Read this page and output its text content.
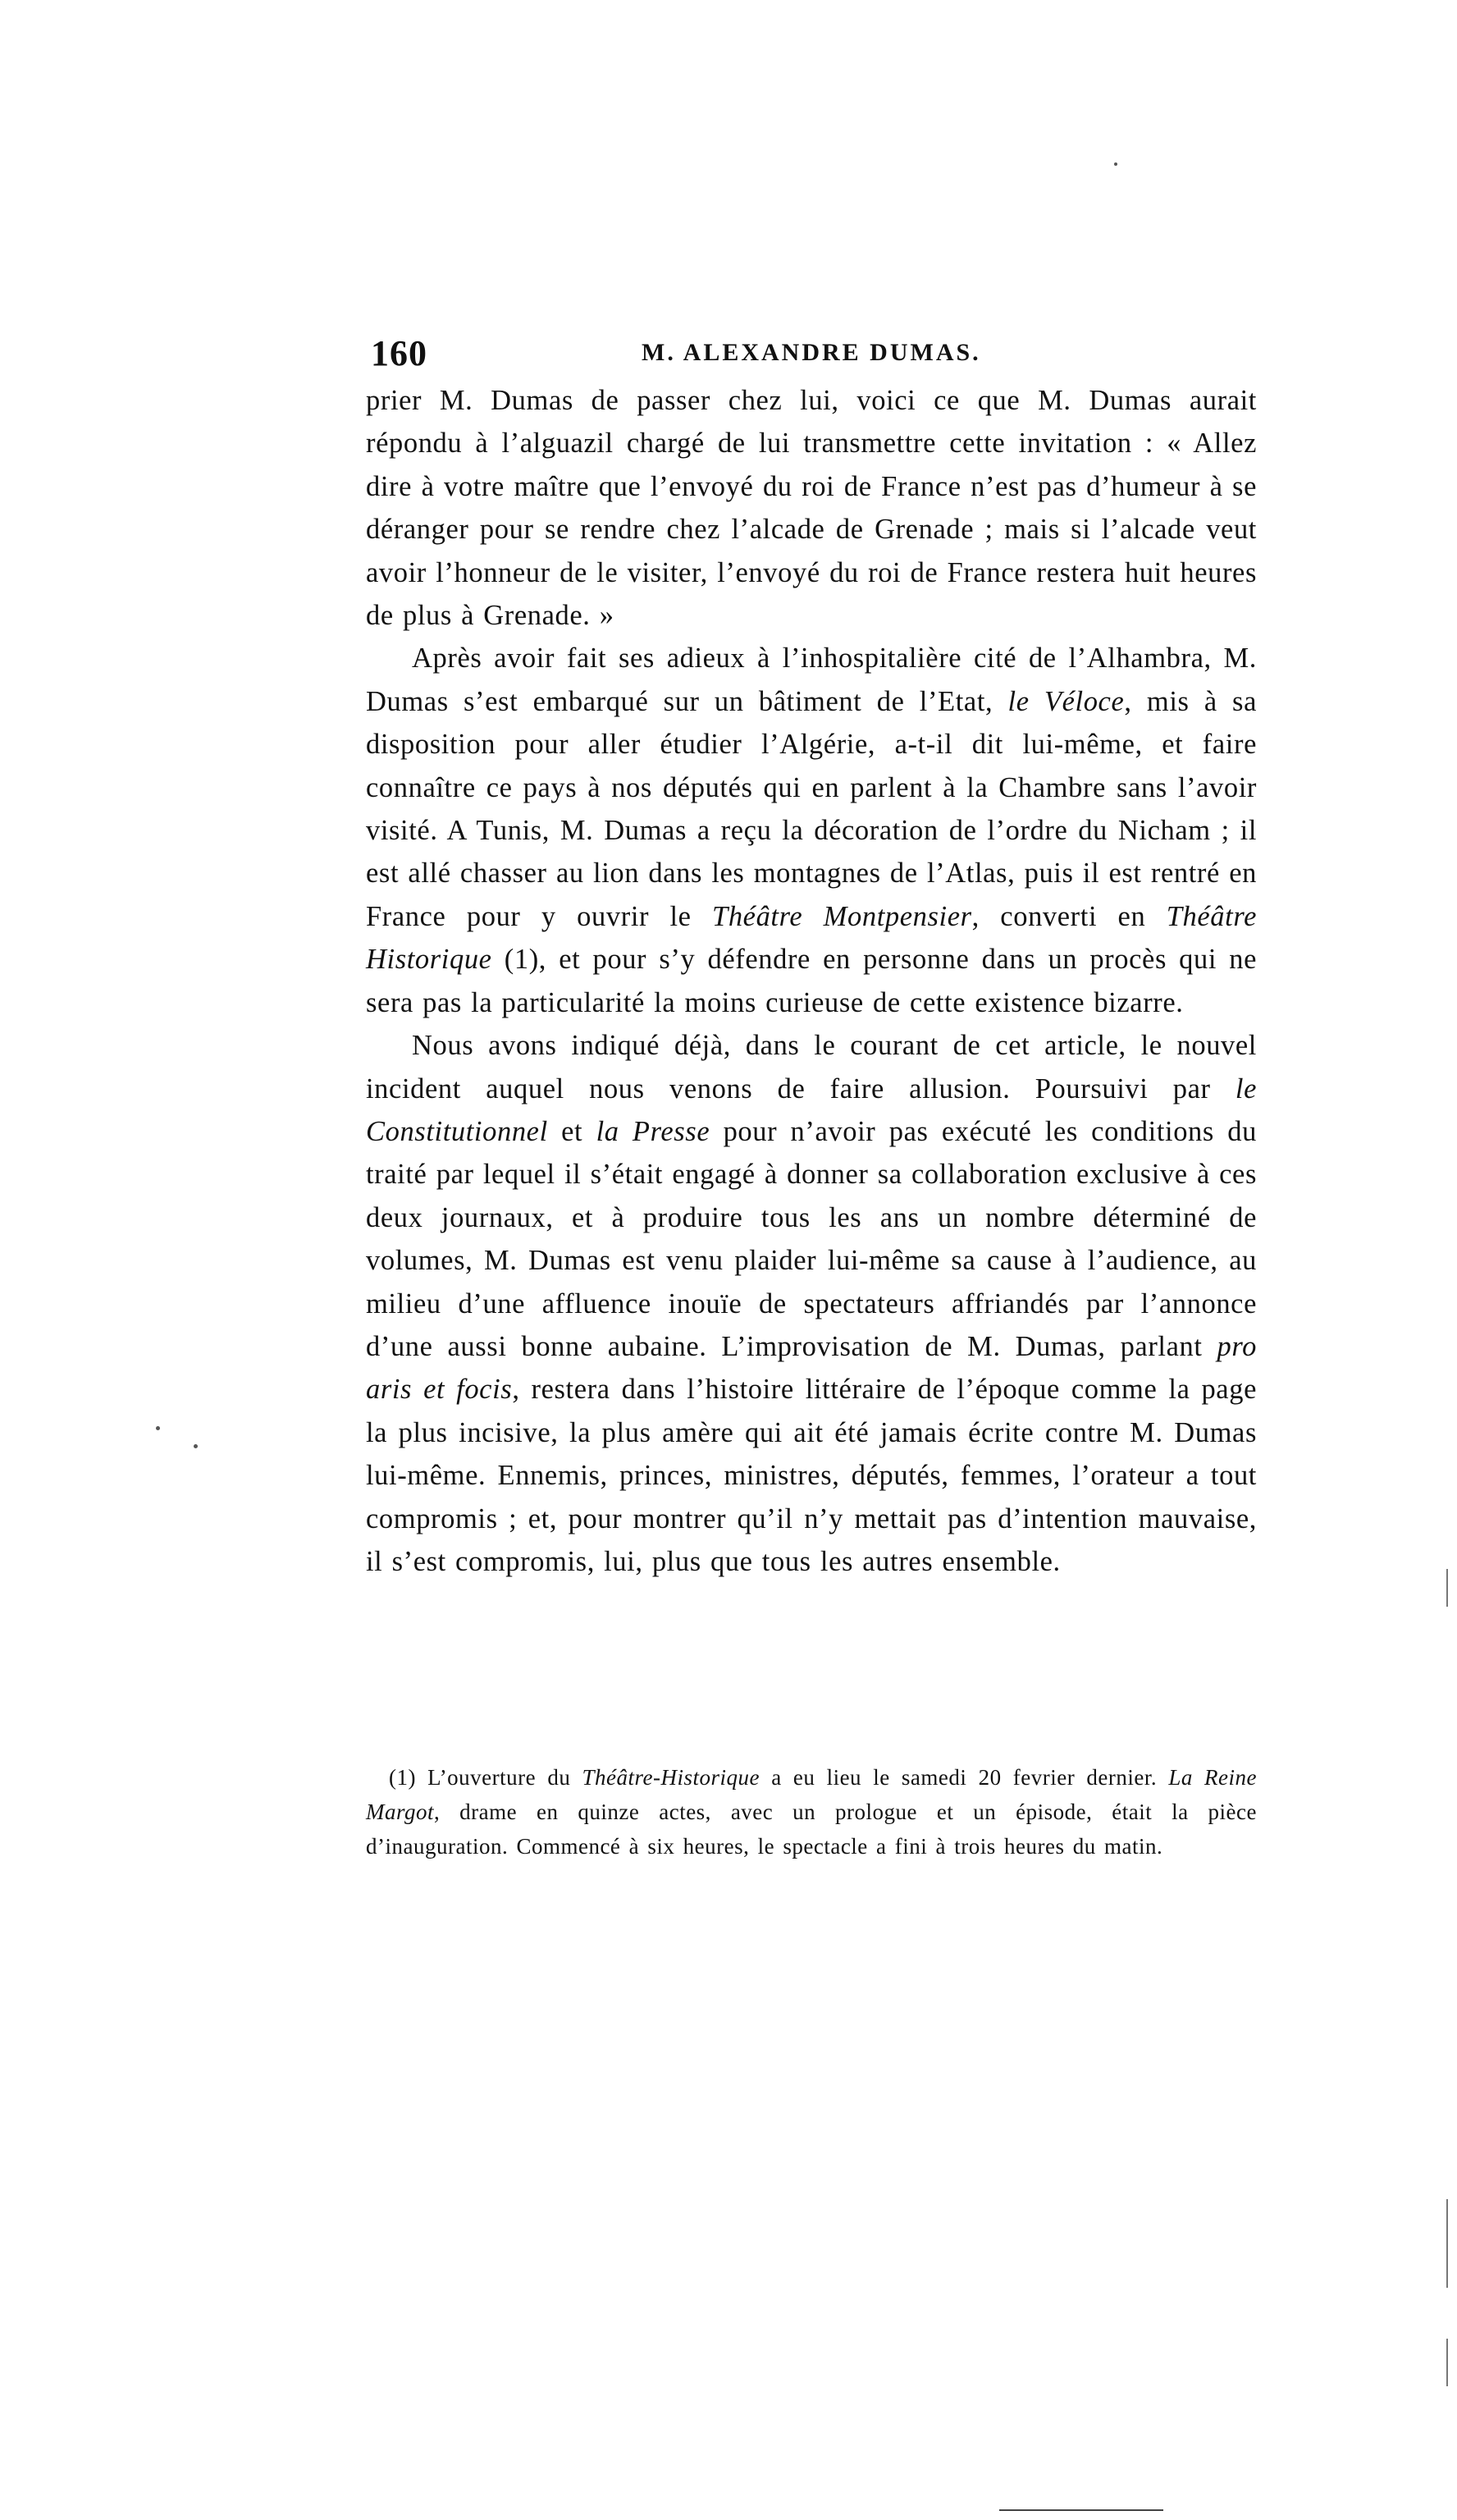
160	M. ALEXANDRE DUMAS.

prier M. Dumas de passer chez lui, voici ce que M. Dumas aurait répondu à l’alguazil chargé de lui transmettre cette invitation : « Allez dire à votre maître que l’envoyé du roi de France n’est pas d’humeur à se déranger pour se rendre chez l’alcade de Grenade ; mais si l’alcade veut avoir l’honneur de le visiter, l’envoyé du roi de France restera huit heures de plus à Grenade. »

Après avoir fait ses adieux à l’inhospitalière cité de l’Alhambra, M. Dumas s’est embarqué sur un bâtiment de l’Etat, le Véloce, mis à sa disposition pour aller étudier l’Algérie, a-t-il dit lui-même, et faire connaître ce pays à nos députés qui en parlent à la Chambre sans l’avoir visité. A Tunis, M. Dumas a reçu la décoration de l’ordre du Nicham ; il est allé chasser au lion dans les montagnes de l’Atlas, puis il est rentré en France pour y ouvrir le Théâtre Montpensier, converti en Théâtre Historique (1), et pour s’y défendre en personne dans un procès qui ne sera pas la particularité la moins curieuse de cette existence bizarre.

Nous avons indiqué déjà, dans le courant de cet article, le nouvel incident auquel nous venons de faire allusion. Poursuivi par le Constitutionnel et la Presse pour n’avoir pas exécuté les conditions du traité par lequel il s’était engagé à donner sa collaboration exclusive à ces deux journaux, et à produire tous les ans un nombre déterminé de volumes, M. Dumas est venu plaider lui-même sa cause à l’audience, au milieu d’une affluence inouïe de spectateurs affriandés par l’annonce d’une aussi bonne aubaine. L’improvisation de M. Dumas, parlant pro aris et focis, restera dans l’histoire littéraire de l’époque comme la page la plus incisive, la plus amère qui ait été jamais écrite contre M. Dumas lui-même. Ennemis, princes, ministres, députés, femmes, l’orateur a tout compromis ; et, pour montrer qu’il n’y mettait pas d’intention mauvaise, il s’est compromis, lui, plus que tous les autres ensemble.

(1) L’ouverture du Théâtre-Historique a eu lieu le samedi 20 fevrier dernier. La Reine Margot, drame en quinze actes, avec un prologue et un épisode, était la pièce d’inauguration. Commencé à six heures, le spectacle a fini à trois heures du matin.
